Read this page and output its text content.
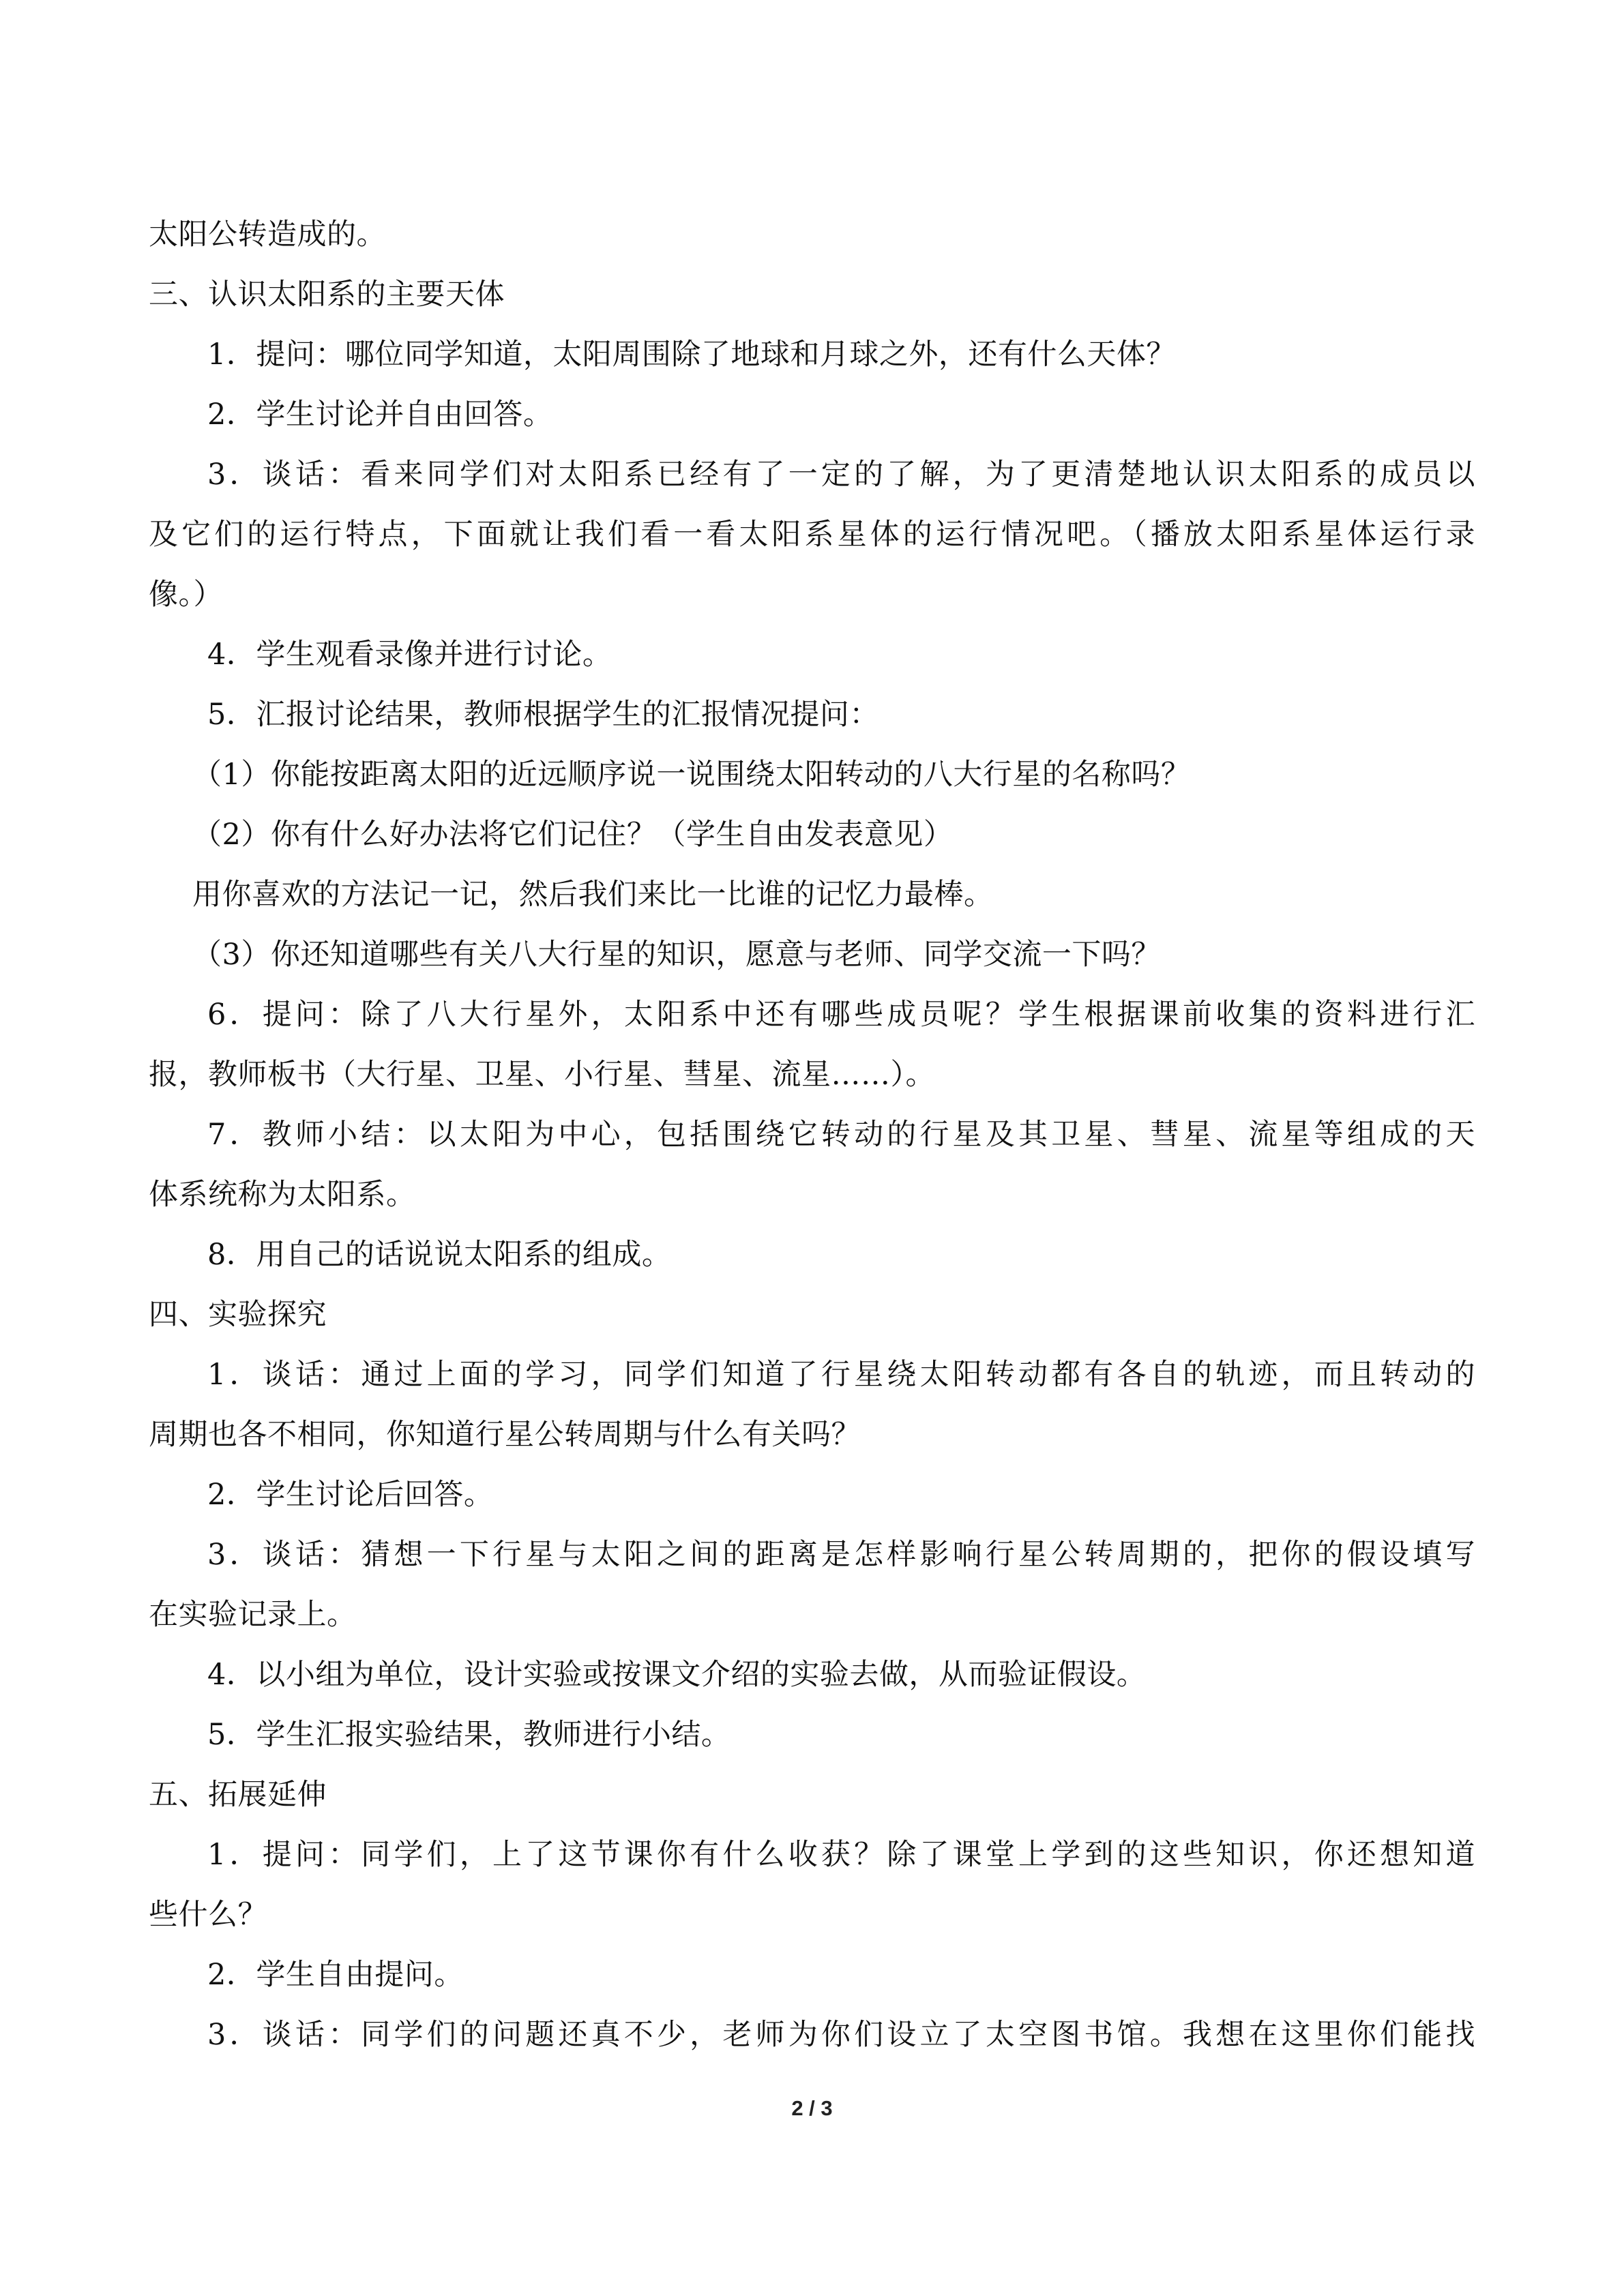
太阳公转造成的。
三、认识太阳系的主要天体
1．提问：哪位同学知道，太阳周围除了地球和月球之外，还有什么天体？
2．学生讨论并自由回答。
3．谈话：看来同学们对太阳系已经有了一定的了解，为了更清楚地认识太阳系的成员以
及它们的运行特点，下面就让我们看一看太阳系星体的运行情况吧。（播放太阳系星体运行录
像。）
4．学生观看录像并进行讨论。
5．汇报讨论结果，教师根据学生的汇报情况提问：
（1）你能按距离太阳的近远顺序说一说围绕太阳转动的八大行星的名称吗？
（2）你有什么好办法将它们记住？（学生自由发表意见）
用你喜欢的方法记一记，然后我们来比一比谁的记忆力最棒。
（3）你还知道哪些有关八大行星的知识，愿意与老师、同学交流一下吗？
6．提问：除了八大行星外，太阳系中还有哪些成员呢？学生根据课前收集的资料进行汇
报，教师板书（大行星、卫星、小行星、彗星、流星……）。
7．教师小结：以太阳为中心，包括围绕它转动的行星及其卫星、彗星、流星等组成的天
体系统称为太阳系。
8．用自己的话说说太阳系的组成。
四、实验探究
1．谈话：通过上面的学习，同学们知道了行星绕太阳转动都有各自的轨迹，而且转动的
周期也各不相同，你知道行星公转周期与什么有关吗？
2．学生讨论后回答。
3．谈话：猜想一下行星与太阳之间的距离是怎样影响行星公转周期的，把你的假设填写
在实验记录上。
4．以小组为单位，设计实验或按课文介绍的实验去做，从而验证假设。
5．学生汇报实验结果，教师进行小结。
五、拓展延伸
1．提问：同学们，上了这节课你有什么收获？除了课堂上学到的这些知识，你还想知道
些什么？
2．学生自由提问。
3．谈话：同学们的问题还真不少，老师为你们设立了太空图书馆。我想在这里你们能找
2 / 3
